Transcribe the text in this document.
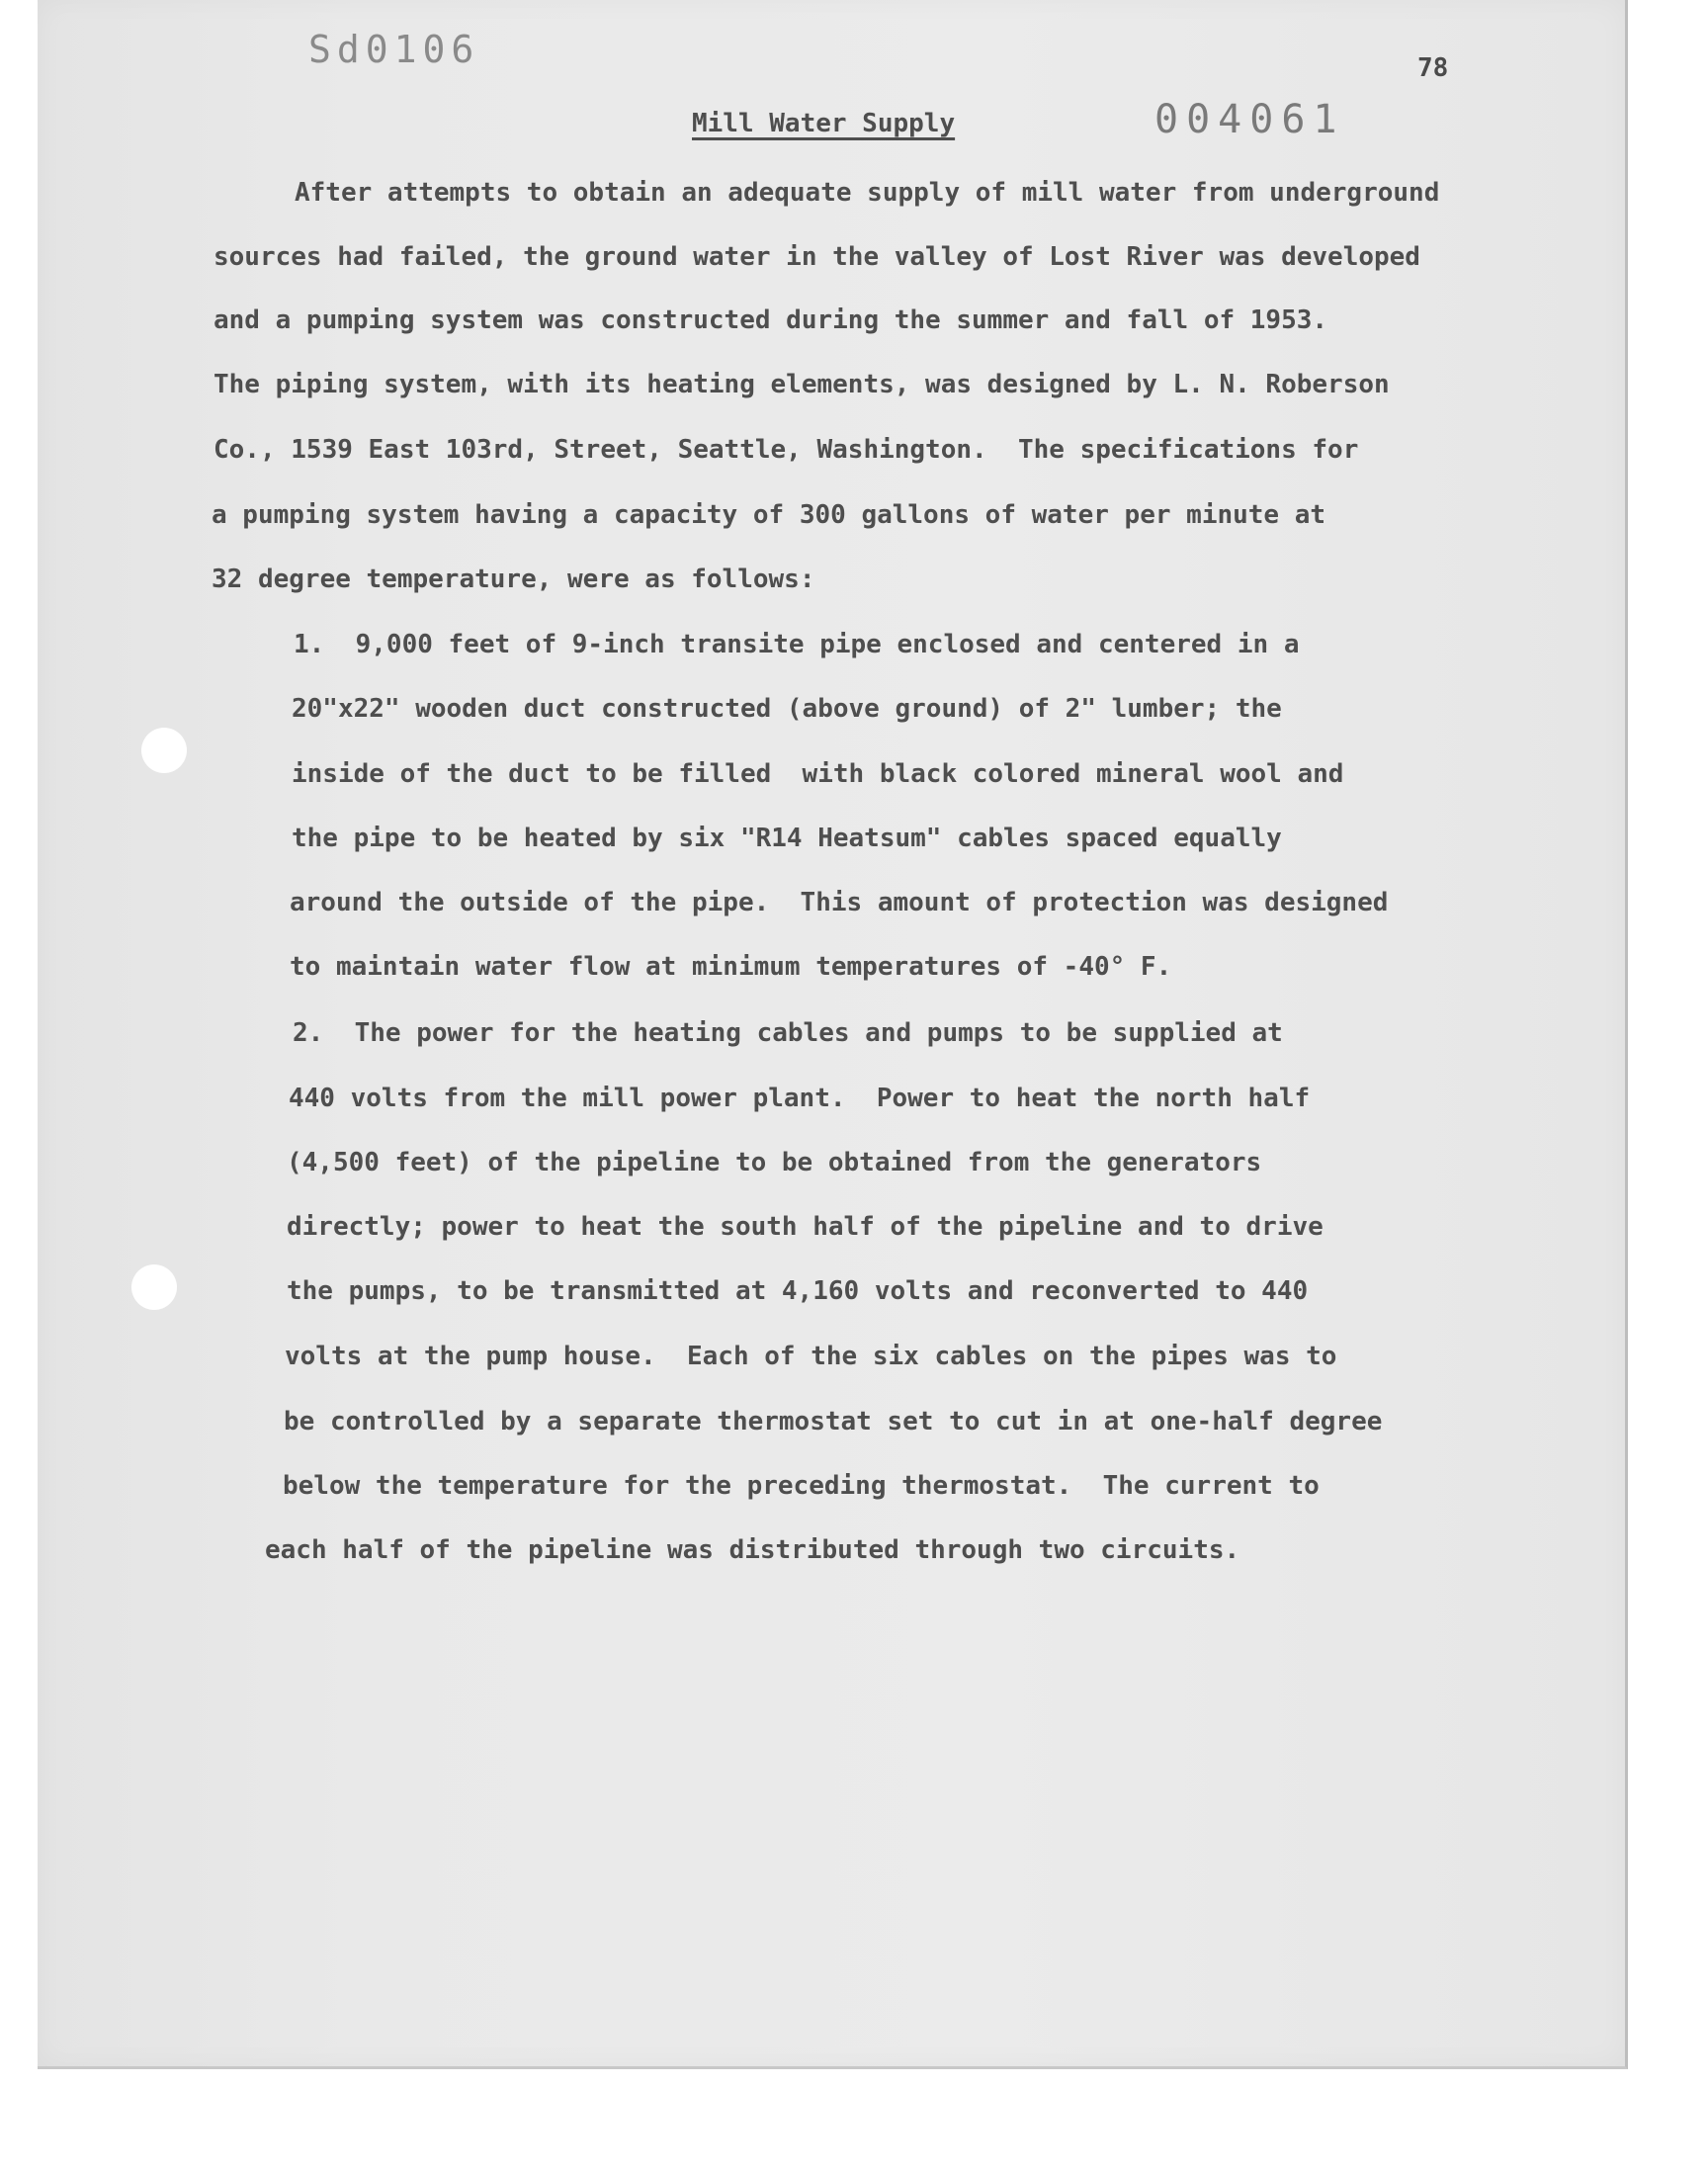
Sd0106
004061
78
Mill Water Supply
After attempts to obtain an adequate supply of mill water from underground
sources had failed, the ground water in the valley of Lost River was developed
and a pumping system was constructed during the summer and fall of 1953.
The piping system, with its heating elements, was designed by L. N. Roberson
Co., 1539 East 103rd, Street, Seattle, Washington.  The specifications for
a pumping system having a capacity of 300 gallons of water per minute at
32 degree temperature, were as follows:
1.  9,000 feet of 9-inch transite pipe enclosed and centered in a
20"x22" wooden duct constructed (above ground) of 2" lumber; the
inside of the duct to be filled  with black colored mineral wool and
the pipe to be heated by six "R14 Heatsum" cables spaced equally
around the outside of the pipe.  This amount of protection was designed
to maintain water flow at minimum temperatures of -40° F.
2.  The power for the heating cables and pumps to be supplied at
440 volts from the mill power plant.  Power to heat the north half
(4,500 feet) of the pipeline to be obtained from the generators
directly; power to heat the south half of the pipeline and to drive
the pumps, to be transmitted at 4,160 volts and reconverted to 440
volts at the pump house.  Each of the six cables on the pipes was to
be controlled by a separate thermostat set to cut in at one-half degree
below the temperature for the preceding thermostat.  The current to
each half of the pipeline was distributed through two circuits.
